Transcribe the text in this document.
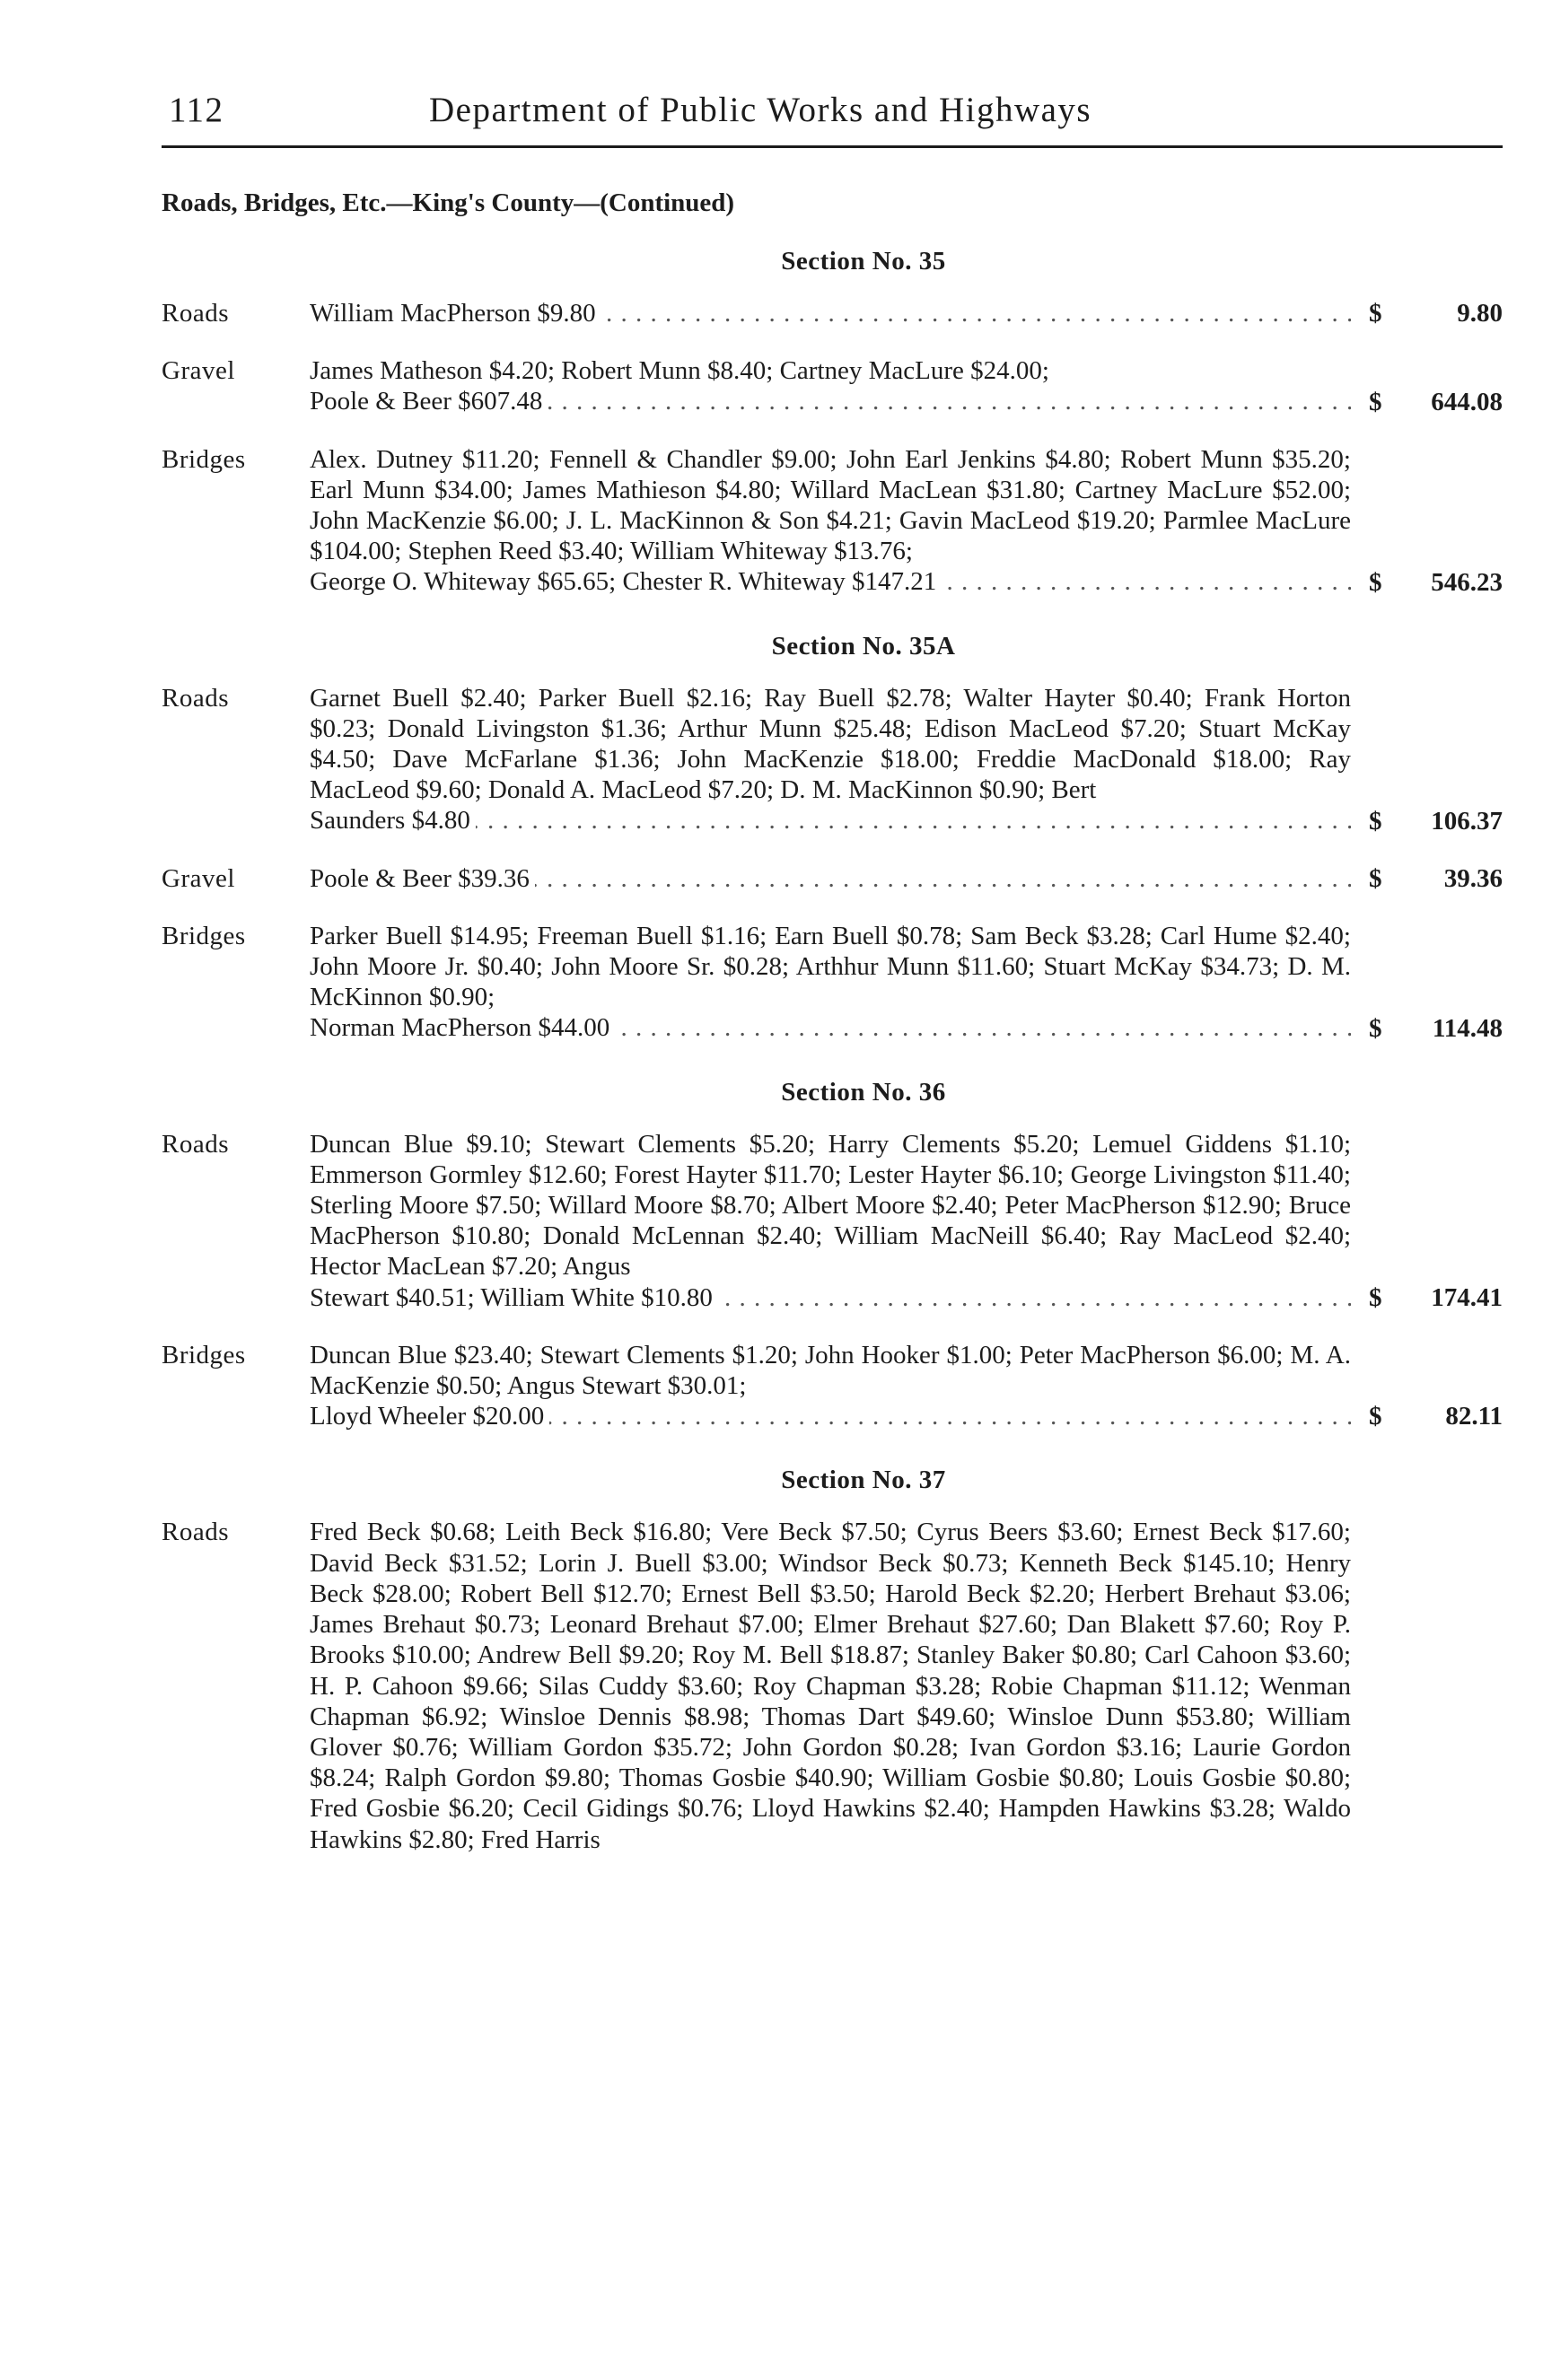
112	Department of Public Works and Highways
Roads, Bridges, Etc.—King's County—(Continued)
Section No. 35
Roads	William MacPherson $9.80 . . .	$	9.80
Gravel	James Matheson $4.20; Robert Munn $8.40; Cartney MacLure $24.00;
Poole & Beer $607.48 . . .	$ 644.08
Bridges	Alex. Dutney $11.20; Fennell & Chandler $9.00; John Earl Jenkins $4.80; Robert Munn $35.20; Earl Munn $34.00; James Mathieson $4.80; Willard MacLean $31.80; Cartney MacLure $52.00; John MacKenzie $6.00; J. L. MacKinnon & Son $4.21; Gavin MacLeod $19.20; Parmlee MacLure $104.00; Stephen Reed $3.40; William Whiteway $13.76;
George O. Whiteway $65.65; Chester R. Whiteway $147.21 . . .	$ 546.23
Section No. 35A
Roads	Garnet Buell $2.40; Parker Buell $2.16; Ray Buell $2.78; Walter Hayter $0.40; Frank Horton $0.23; Donald Livingston $1.36; Arthur Munn $25.48; Edison MacLeod $7.20; Stuart McKay $4.50; Dave McFarlane $1.36; John MacKenzie $18.00; Freddie MacDonald $18.00; Ray MacLeod $9.60; Donald A. MacLeod $7.20; D. M. MacKinnon $0.90; Bert
Saunders $4.80 . . .	$ 106.37
Gravel	Poole & Beer $39.36 . . .	$ 39.36
Bridges	Parker Buell $14.95; Freeman Buell $1.16; Earn Buell $0.78; Sam Beck $3.28; Carl Hume $2.40; John Moore Jr. $0.40; John Moore Sr. $0.28; Arthhur Munn $11.60; Stuart McKay $34.73; D. M. McKinnon $0.90;
Norman MacPherson $44.00 . . .	$ 114.48
Section No. 36
Roads	Duncan Blue $9.10; Stewart Clements $5.20; Harry Clements $5.20; Lemuel Giddens $1.10; Emmerson Gormley $12.60; Forest Hayter $11.70; Lester Hayter $6.10; George Livingston $11.40; Sterling Moore $7.50; Willard Moore $8.70; Albert Moore $2.40; Peter MacPherson $12.90; Bruce MacPherson $10.80; Donald McLennan $2.40; William MacNeill $6.40; Ray MacLeod $2.40; Hector MacLean $7.20; Angus
Stewart $40.51; William White $10.80 . . .	$ 174.41
Bridges	Duncan Blue $23.40; Stewart Clements $1.20; John Hooker $1.00; Peter MacPherson $6.00; M. A. MacKenzie $0.50; Angus Stewart $30.01;
Lloyd Wheeler $20.00 . . .	$ 82.11
Section No. 37
Roads	Fred Beck $0.68; Leith Beck $16.80; Vere Beck $7.50; Cyrus Beers $3.60; Ernest Beck $17.60; David Beck $31.52; Lorin J. Buell $3.00; Windsor Beck $0.73; Kenneth Beck $145.10; Henry Beck $28.00; Robert Bell $12.70; Ernest Bell $3.50; Harold Beck $2.20; Herbert Brehaut $3.06; James Brehaut $0.73; Leonard Brehaut $7.00; Elmer Brehaut $27.60; Dan Blakett $7.60; Roy P. Brooks $10.00; Andrew Bell $9.20; Roy M. Bell $18.87; Stanley Baker $0.80; Carl Cahoon $3.60; H. P. Cahoon $9.66; Silas Cuddy $3.60; Roy Chapman $3.28; Robie Chapman $11.12; Wenman Chapman $6.92; Winsloe Dennis $8.98; Thomas Dart $49.60; Winsloe Dunn $53.80; William Glover $0.76; William Gordon $35.72; John Gordon $0.28; Ivan Gordon $3.16; Laurie Gordon $8.24; Ralph Gordon $9.80; Thomas Gosbie $40.90; William Gosbie $0.80; Louis Gosbie $0.80; Fred Gosbie $6.20; Cecil Gidings $0.76; Lloyd Hawkins $2.40; Hampden Hawkins $3.28; Waldo Hawkins $2.80; Fred Harris
